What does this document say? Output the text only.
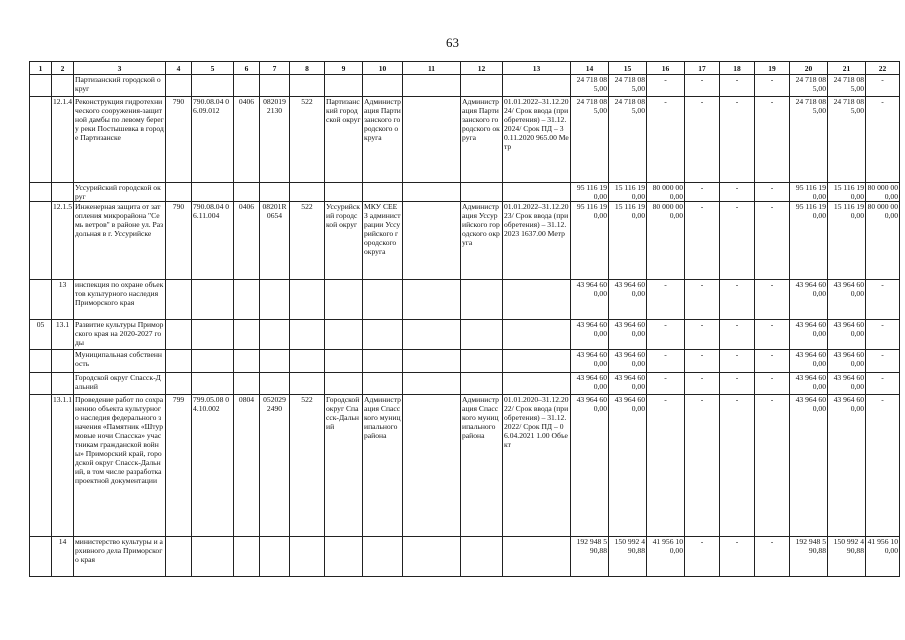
63
1	2	3	4	5	6	7	8	9	10	11	12	13	14	15	16	17	18	19	20	21	22
		Партизанский городской округ											24 718 08 5,00	24 718 08 5,00	-	-	-	-	24 718 08 5,00	24 718 08 5,00	-
	12.1.4	Реконструкция гидротехнического сооружения-защитной дамбы по левому берегу реки Постышевка в городе Партизанске	790	790.08.04 06.09.012	0406	082019 2130	522	Партизанский городской округ	Администрация Партизанского городского округа		Администрация Партизанского городского округа	01.01.2022–31.12.2024/ Срок ввода (приобретения) – 31.12.2024/ Срок ПД – 30.11.2020 965.00 Метр	24 718 08 5,00	24 718 08 5,00	-	-	-	-	24 718 08 5,00	24 718 08 5,00	-
		Уссурийский городской округ											95 116 19 0,00	15 116 19 0,00	80 000 00 0,00	-	-	-	95 116 19 0,00	15 116 19 0,00	80 000 00 0,00
	12.1.5	Инженерная защита от затопления микрорайона "Семь ветров" в районе ул. Раздольная в г. Уссурийске	790	790.08.04 06.11.004	0406	08201R 0654	522	Уссурийский городской округ	МКУ СЕЕЗ администрации Уссурийского городского округа		Администрация Уссурийского городского округа	01.01.2022–31.12.2023/ Срок ввода (приобретения) – 31.12.2023 1637.00 Метр	95 116 19 0,00	15 116 19 0,00	80 000 00 0,00	-	-	-	95 116 19 0,00	15 116 19 0,00	80 000 00 0,00
	13	инспекция по охране объектов культурного наследия Приморского края											43 964 60 0,00	43 964 60 0,00	-	-	-	-	43 964 60 0,00	43 964 60 0,00	-
05	13.1	Развитие культуры Приморского края на 2020-2027 годы											43 964 60 0,00	43 964 60 0,00	-	-	-	-	43 964 60 0,00	43 964 60 0,00	-
		Муниципальная собственность											43 964 60 0,00	43 964 60 0,00	-	-	-	-	43 964 60 0,00	43 964 60 0,00	-
		Городской округ Спасск-Дальний											43 964 60 0,00	43 964 60 0,00	-	-	-	-	43 964 60 0,00	43 964 60 0,00	-
	13.1.1	Проведение работ по сохранению объекта культурного наследия федерального значения «Памятник «Штурмовые ночи Спасска» участникам гражданской войны» Приморский край, городской округ Спасск-Дальний, в том числе разработка проектной документации	799	799.05.08 04.10.002	0804	052029 2490	522	Городской округ Спасск-Дальний	Администрация Спасского муниципального района		Администрация Спасского муниципального района	01.01.2020–31.12.2022/ Срок ввода (приобретения) – 31.12.2022/ Срок ПД – 06.04.2021 1.00 Объект	43 964 60 0,00	43 964 60 0,00	-	-	-	-	43 964 60 0,00	43 964 60 0,00	-
	14	министерство культуры и архивного дела Приморского края											192 948 5 90,88	150 992 4 90,88	41 956 10 0,00	-	-	-	192 948 5 90,88	150 992 4 90,88	41 956 10 0,00
